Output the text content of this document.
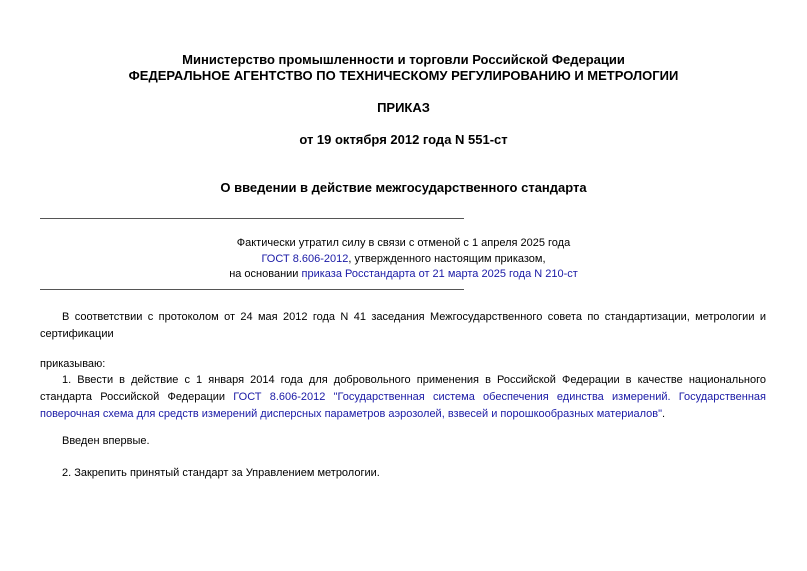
Министерство промышленности и торговли Российской Федерации
ФЕДЕРАЛЬНОЕ АГЕНТСТВО ПО ТЕХНИЧЕСКОМУ РЕГУЛИРОВАНИЮ И МЕТРОЛОГИИ
ПРИКАЗ
от 19 октября 2012 года N 551-ст
О введении в действие межгосударственного стандарта
Фактически утратил силу в связи с отменой с 1 апреля 2025 года
ГОСТ 8.606-2012, утвержденного настоящим приказом,
на основании приказа Росстандарта от 21 марта 2025 года N 210-ст
В соответствии с протоколом от 24 мая 2012 года N 41 заседания Межгосударственного совета по стандартизации, метрологии и сертификации
приказываю:
1. Ввести в действие с 1 января 2014 года для добровольного применения в Российской Федерации в качестве национального стандарта Российской Федерации ГОСТ 8.606-2012 "Государственная система обеспечения единства измерений. Государственная поверочная схема для средств измерений дисперсных параметров аэрозолей, взвесей и порошкообразных материалов".
Введен впервые.
2. Закрепить принятый стандарт за Управлением метрологии.
